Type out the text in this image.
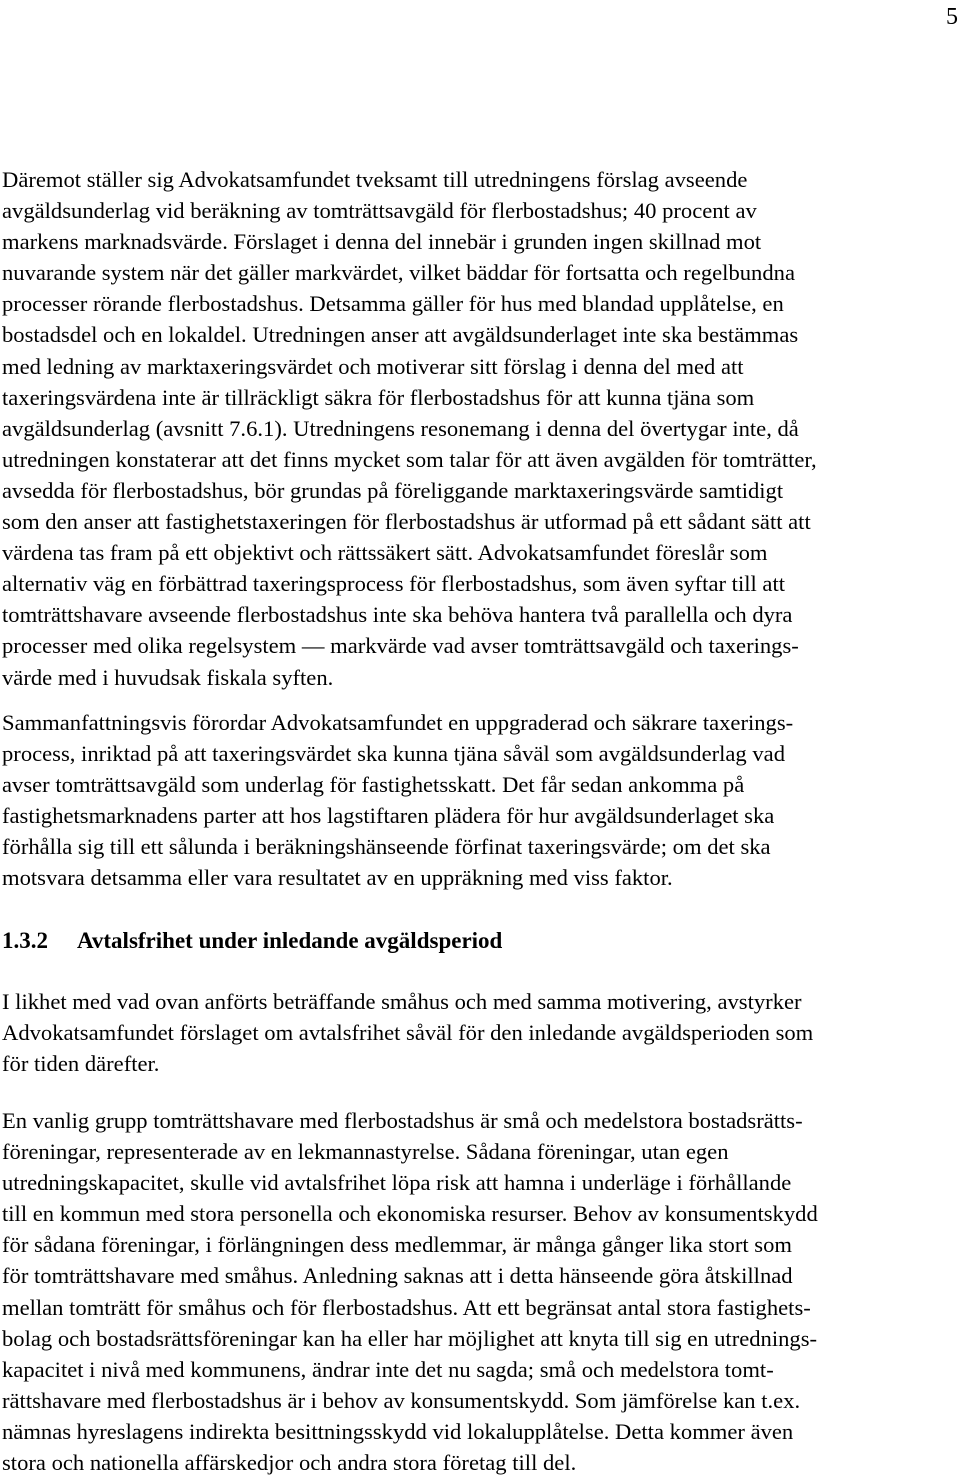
5
Däremot ställer sig Advokatsamfundet tveksamt till utredningens förslag avseende
avgäldsunderlag vid beräkning av tomträttsavgäld för flerbostadshus; 40 procent av
markens marknadsvärde. Förslaget i denna del innebär i grunden ingen skillnad mot
nuvarande system när det gäller markvärdet, vilket bäddar för fortsatta och regelbundna
processer rörande flerbostadshus. Detsamma gäller för hus med blandad upplåtelse, en
bostadsdel och en lokaldel. Utredningen anser att avgäldsunderlaget inte ska bestämmas
med ledning av marktaxeringsvärdet och motiverar sitt förslag i denna del med att
taxeringsvärdena inte är tillräckligt säkra för flerbostadshus för att kunna tjäna som
avgäldsunderlag (avsnitt 7.6.1). Utredningens resonemang i denna del övertygar inte, då
utredningen konstaterar att det finns mycket som talar för att även avgälden för tomträtter,
avsedda för flerbostadshus, bör grundas på föreliggande marktaxeringsvärde samtidigt
som den anser att fastighetstaxeringen för flerbostadshus är utformad på ett sådant sätt att
värdena tas fram på ett objektivt och rättssäkert sätt. Advokatsamfundet föreslår som
alternativ väg en förbättrad taxeringsprocess för flerbostadshus, som även syftar till att
tomträttshavare avseende flerbostadshus inte ska behöva hantera två parallella och dyra
processer med olika regelsystem — markvärde vad avser tomträttsavgäld och taxerings-
värde med i huvudsak fiskala syften.
Sammanfattningsvis förordar Advokatsamfundet en uppgraderad och säkrare taxerings-
process, inriktad på att taxeringsvärdet ska kunna tjäna såväl som avgäldsunderlag vad
avser tomträttsavgäld som underlag för fastighetsskatt. Det får sedan ankomma på
fastighetsmarknadens parter att hos lagstiftaren plädera för hur avgäldsunderlaget ska
förhålla sig till ett sålunda i beräkningshänseende förfinat taxeringsvärde; om det ska
motsvara detsamma eller vara resultatet av en uppräkning med viss faktor.
1.3.2 Avtalsfrihet under inledande avgäldsperiod
I likhet med vad ovan anförts beträffande småhus och med samma motivering, avstyrker
Advokatsamfundet förslaget om avtalsfrihet såväl för den inledande avgäldsperioden som
för tiden därefter.
En vanlig grupp tomträttshavare med flerbostadshus är små och medelstora bostadsrätts-
föreningar, representerade av en lekmannastyrelse. Sådana föreningar, utan egen
utredningskapacitet, skulle vid avtalsfrihet löpa risk att hamna i underläge i förhållande
till en kommun med stora personella och ekonomiska resurser. Behov av konsumentskydd
för sådana föreningar, i förlängningen dess medlemmar, är många gånger lika stort som
för tomträttshavare med småhus. Anledning saknas att i detta hänseende göra åtskillnad
mellan tomträtt för småhus och för flerbostadshus. Att ett begränsat antal stora fastighets-
bolag och bostadsrättsföreningar kan ha eller har möjlighet att knyta till sig en utrednings-
kapacitet i nivå med kommunens, ändrar inte det nu sagda; små och medelstora tomt-
rättshavare med flerbostadshus är i behov av konsumentskydd. Som jämförelse kan t.ex.
nämnas hyreslagens indirekta besittningsskydd vid lokalupplåtelse. Detta kommer även
stora och nationella affärskedjor och andra stora företag till del.
